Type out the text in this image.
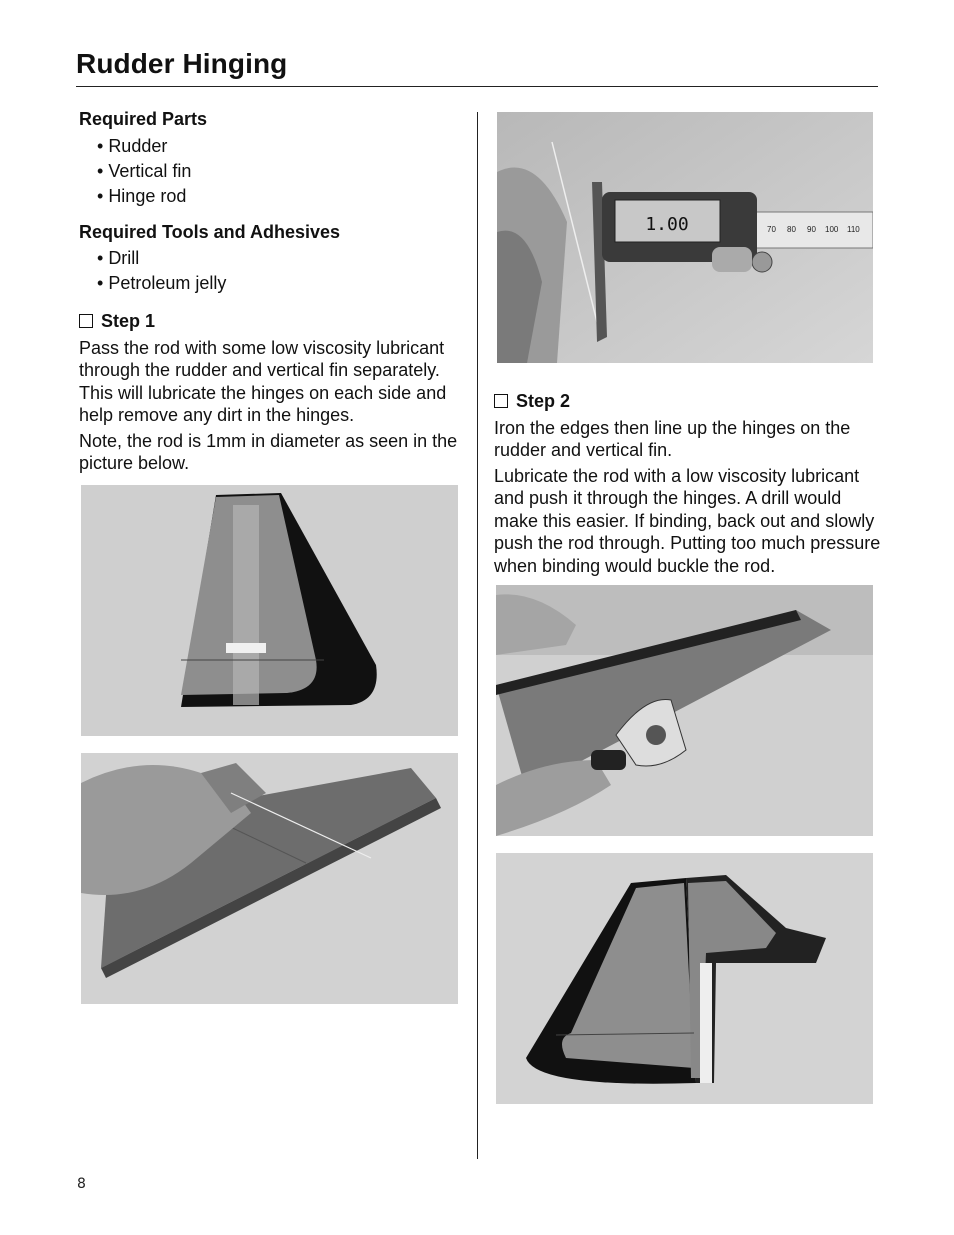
Rudder Hinging
Required Parts
• Rudder
• Vertical fin
• Hinge rod
Required Tools and Adhesives
• Drill
• Petroleum jelly
Step 1

Pass the rod with some low viscosity lubricant through the rudder and vertical fin separately. This will lubricate the hinges on each side and help remove any dirt in the hinges.

Note, the rod is 1mm in diameter as seen in the picture below.

Step 2

Iron the edges then line up the hinges on the rudder and vertical fin.

Lubricate the rod with a low viscosity lubricant and push it through the hinges. A drill would make this easier. If binding, back out and slowly push the rod through. Putting too much pressure when binding would buckle the rod.

70 80 90 100 110
1.00
8
